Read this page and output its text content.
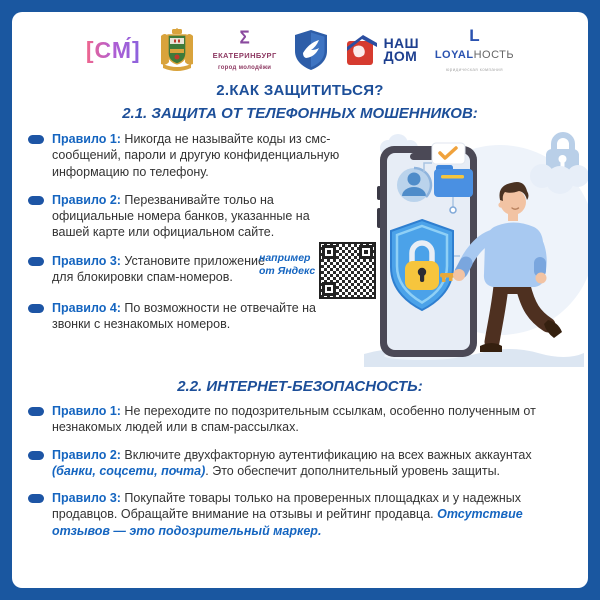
[СМ́]	Σ
ЕКАТЕРИНБУРГ
город молодёжи
НАШ
ДОМ
L
LOYALНОСТЬ
юридическая компания
2.КАК ЗАЩИТИТЬСЯ?
2.1. ЗАЩИТА ОТ ТЕЛЕФОННЫХ МОШЕННИКОВ:

Правило 1: Никогда не называйте коды из смс-сообщений, пароли и другую конфиденциальную информацию по телефону.

Правило 2: Перезванивайте тольо на официальные номера банков, указанные на вашей карте или официальном сайте.

Правило 3: Установите приложение для блокировки спам-номеров.

Правило 4: По возможности не отвечайте на звонки с незнакомых номеров.

например
от Яндекс
2.2. ИНТЕРНЕТ-БЕЗОПАСНОСТЬ:

Правило 1: Не переходите по подозрительным ссылкам, особенно полученным от незнакомых людей или в спам-рассылках.

Правило 2: Включите двухфакторную аутентификацию на всех важных аккаунтах (банки, соцсети, почта). Это обеспечит дополнительный уровень защиты.

Правило 3: Покупайте товары только на проверенных площадках и у надежных продавцов. Обращайте внимание на отзывы и рейтинг продавца. Отсутствие отзывов — это подозрительный маркер.
